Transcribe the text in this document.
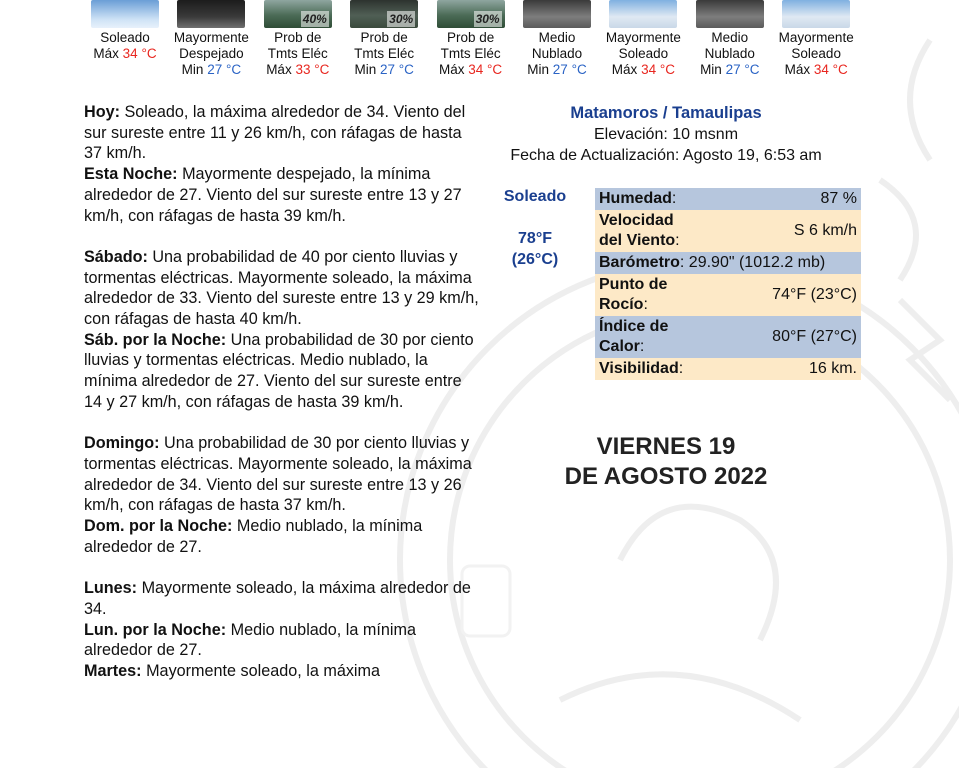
Soleado
Máx 34 °C
Mayormente
Despejado
Min 27 °C
40%
Prob de
Tmts Eléc
Máx 33 °C
30%
Prob de
Tmts Eléc
Min 27 °C
30%
Prob de
Tmts Eléc
Máx 34 °C
Medio
Nublado
Min 27 °C
Mayormente
Soleado
Máx 34 °C
Medio
Nublado
Min 27 °C
Mayormente
Soleado
Máx 34 °C

Hoy: Soleado, la máxima alrededor de 34. Viento del sur sureste entre 11 y 26 km/h, con ráfagas de hasta 37 km/h.

Esta Noche: Mayormente despejado, la mínima alrededor de 27. Viento del sur sureste entre 13 y 27 km/h, con ráfagas de hasta 39 km/h.

Sábado: Una probabilidad de 40 por ciento lluvias y tormentas eléctricas. Mayormente soleado, la máxima alrededor de 33. Viento del sureste entre 13 y 29 km/h, con ráfagas de hasta 40 km/h.

Sáb. por la Noche: Una probabilidad de 30 por ciento lluvias y tormentas eléctricas. Medio nublado, la mínima alrededor de 27. Viento del sur sureste entre 14 y 27 km/h, con ráfagas de hasta 39 km/h.

Domingo: Una probabilidad de 30 por ciento lluvias y tormentas eléctricas. Mayormente soleado, la máxima alrededor de 34. Viento del sur sureste entre 13 y 26 km/h, con ráfagas de hasta 37 km/h.

Dom. por la Noche: Medio nublado, la mínima alrededor de 27.

Lunes: Mayormente soleado, la máxima alrededor de 34.

Lun. por la Noche: Medio nublado, la mínima alrededor de 27.

Martes: Mayormente soleado, la máxima

Matamoros / Tamaulipas
Elevación: 10 msnm
Fecha de Actualización: Agosto 19, 6:53 am
Soleado
78°F
(26°C)
Humedad:	87 %
Velocidad
del Viento:	S 6 km/h
Barómetro: 29.90" (1012.2 mb)	
Punto de
Rocío:	74°F (23°C)
Índice de
Calor:	80°F (27°C)
Visibilidad:	16 km.
VIERNES 19
DE AGOSTO 2022
